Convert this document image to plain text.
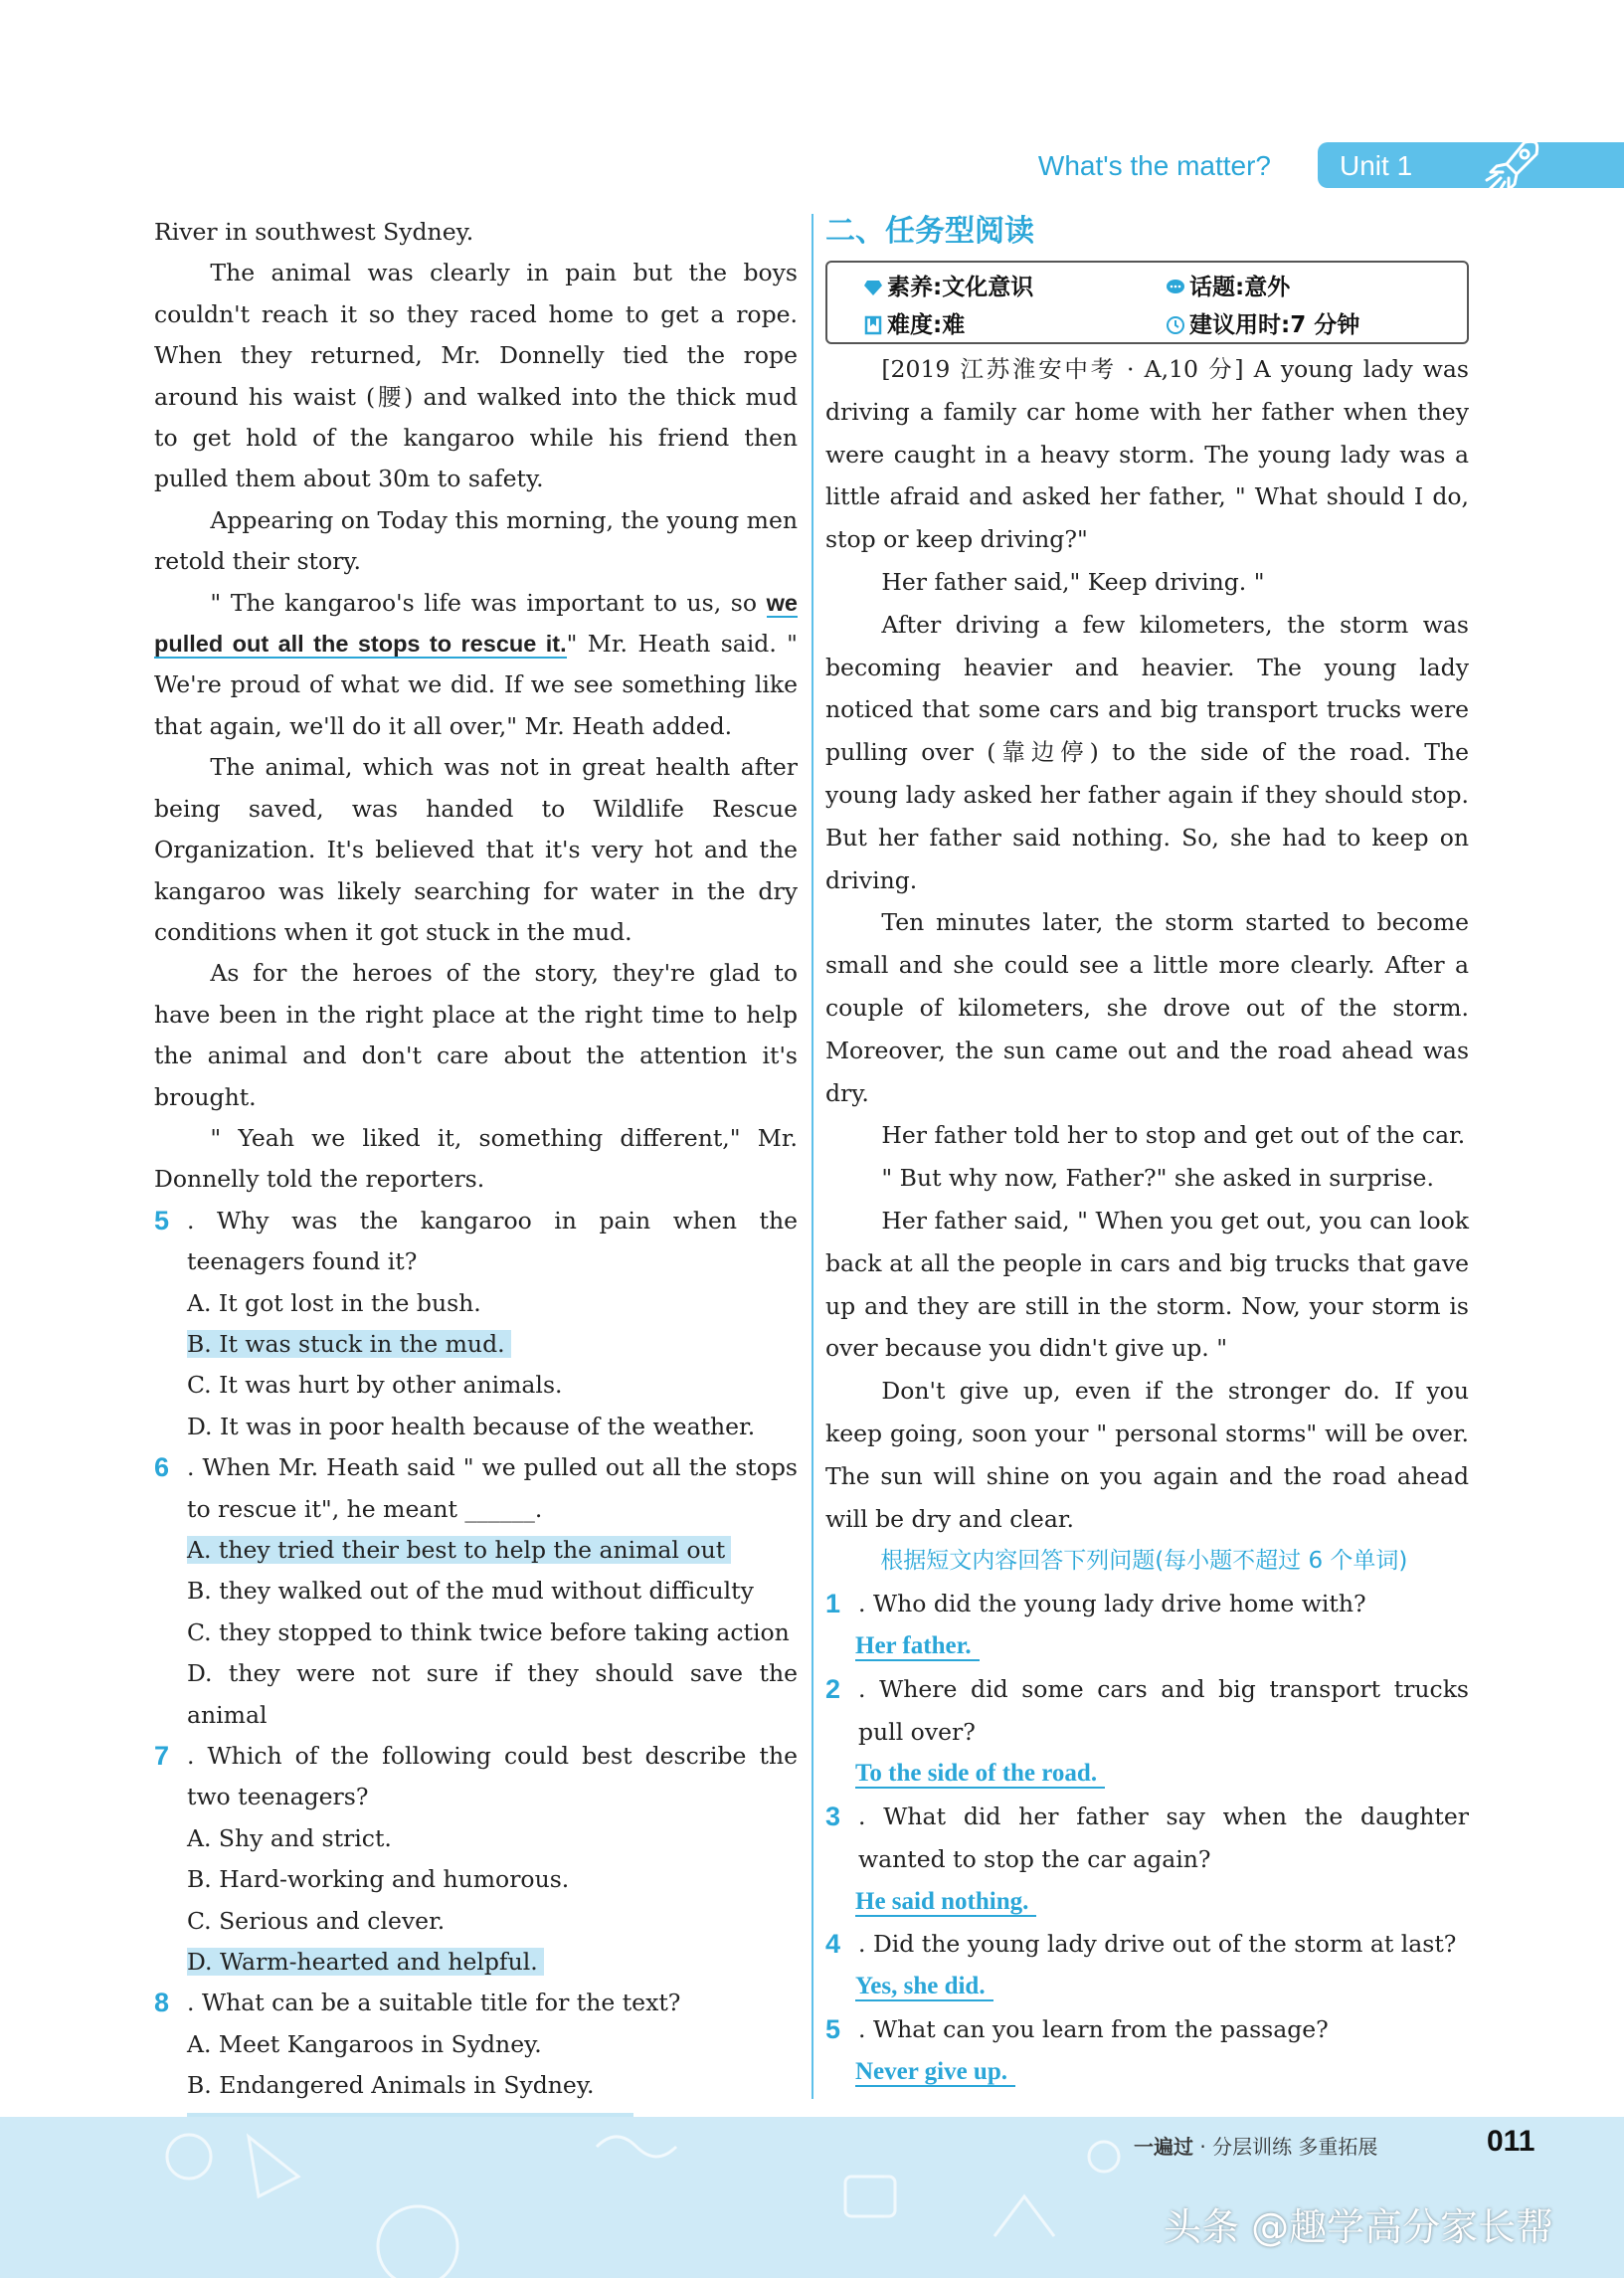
What's the matter? Unit 1

River in southwest Sydney.

The animal was clearly in pain but the boys couldn't reach it so they raced home to get a rope. When they returned, Mr. Donnelly tied the rope around his waist (腰) and walked into the thick mud to get hold of the kangaroo while his friend then pulled them about 30m to safety.

Appearing on Today this morning, the young men retold their story.

" The kangaroo's life was important to us, so we pulled out all the stops to rescue it." Mr. Heath said. " We're proud of what we did. If we see something like that again, we'll do it all over," Mr. Heath added.

The animal, which was not in great health after being saved, was handed to Wildlife Rescue Organization. It's believed that it's very hot and the kangaroo was likely searching for water in the dry conditions when it got stuck in the mud.

As for the heroes of the story, they're glad to have been in the right place at the right time to help the animal and don't care about the attention it's brought.

" Yeah we liked it, something different," Mr. Donnelly told the reporters.

5 . Why was the kangaroo in pain when the teenagers found it?
A. It got lost in the bush.
B. It was stuck in the mud.
C. It was hurt by other animals.
D. It was in poor health because of the weather.
6 . When Mr. Heath said " we pulled out all the stops to rescue it", he meant ______.
A. they tried their best to help the animal out
B. they walked out of the mud without difficulty
C. they stopped to think twice before taking action
D. they were not sure if they should save the animal
7 . Which of the following could best describe the two teenagers?
A. Shy and strict.
B. Hard-working and humorous.
C. Serious and clever.
D. Warm-hearted and helpful.
8 . What can be a suitable title for the text?
A. Meet Kangaroos in Sydney.
B. Endangered Animals in Sydney.
二、任务型阅读
素养:文化意识	话题:意外
难度:难	建议用时:7 分钟

[2019 江苏淮安中考 · A,10 分] A young lady was driving a family car home with her father when they were caught in a heavy storm. The young lady was a little afraid and asked her father, " What should I do, stop or keep driving?"

Her father said," Keep driving. "

After driving a few kilometers, the storm was becoming heavier and heavier. The young lady noticed that some cars and big transport trucks were pulling over (靠边停) to the side of the road. The young lady asked her father again if they should stop. But her father said nothing. So, she had to keep on driving.

Ten minutes later, the storm started to become small and she could see a little more clearly. After a couple of kilometers, she drove out of the storm. Moreover, the sun came out and the road ahead was dry.

Her father told her to stop and get out of the car.

" But why now, Father?" she asked in surprise.

Her father said, " When you get out, you can look back at all the people in cars and big trucks that gave up and they are still in the storm. Now, your storm is over because you didn't give up. "

Don't give up, even if the stronger do. If you keep going, soon your " personal storms" will be over. The sun will shine on you again and the road ahead will be dry and clear.

根据短文内容回答下列问题(每小题不超过 6 个单词)

1 . Who did the young lady drive home with?
Her father.
2 . Where did some cars and big transport trucks pull over?
To the side of the road.
3 . What did her father say when the daughter wanted to stop the car again?
He said nothing.
4 . Did the young lady drive out of the storm at last?
Yes, she did.
5 . What can you learn from the passage?
Never give up.
一遍过 · 分层训练 多重拓展	011
头条 @趣学高分家长帮
